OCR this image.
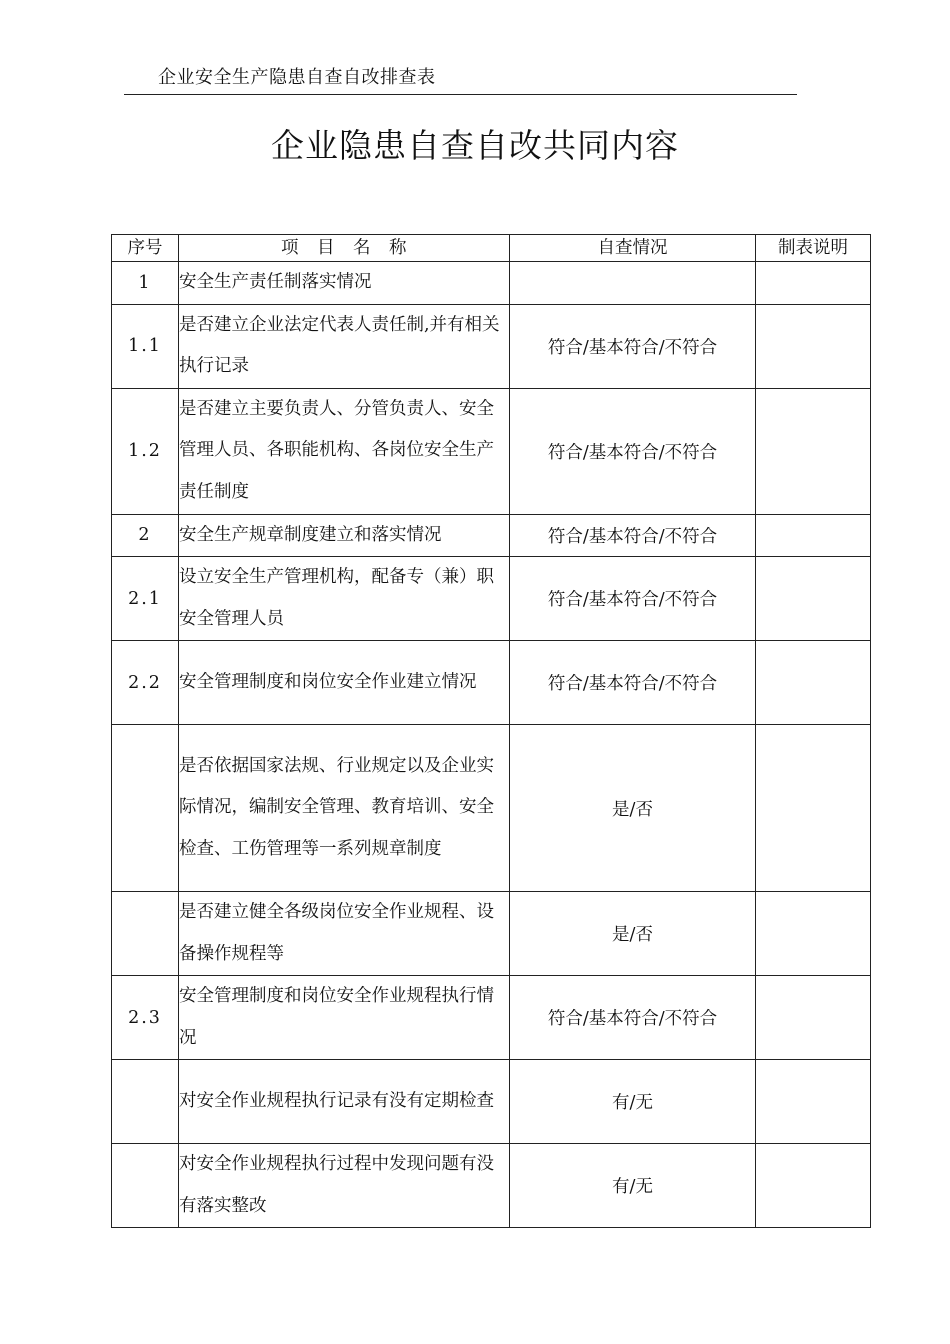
企业安全生产隐患自查自改排查表
企业隐患自查自改共同内容
序号	项　目　名　称	自查情况	制表说明
1	安全生产责任制落实情况		
1.1	是否建立企业法定代表人责任制,并有相关执行记录	符合/基本符合/不符合	
1.2	是否建立主要负责人、分管负责人、安全管理人员、各职能机构、各岗位安全生产责任制度	符合/基本符合/不符合	
2	安全生产规章制度建立和落实情况	符合/基本符合/不符合	
2.1	设立安全生产管理机构，配备专（兼）职安全管理人员	符合/基本符合/不符合	
2.2	安全管理制度和岗位安全作业建立情况	符合/基本符合/不符合	
	是否依据国家法规、行业规定以及企业实际情况，编制安全管理、教育培训、安全检查、工伤管理等一系列规章制度	是/否	
	是否建立健全各级岗位安全作业规程、设备操作规程等	是/否	
2.3	安全管理制度和岗位安全作业规程执行情况	符合/基本符合/不符合	
	对安全作业规程执行记录有没有定期检查	有/无	
	对安全作业规程执行过程中发现问题有没有落实整改	有/无	
